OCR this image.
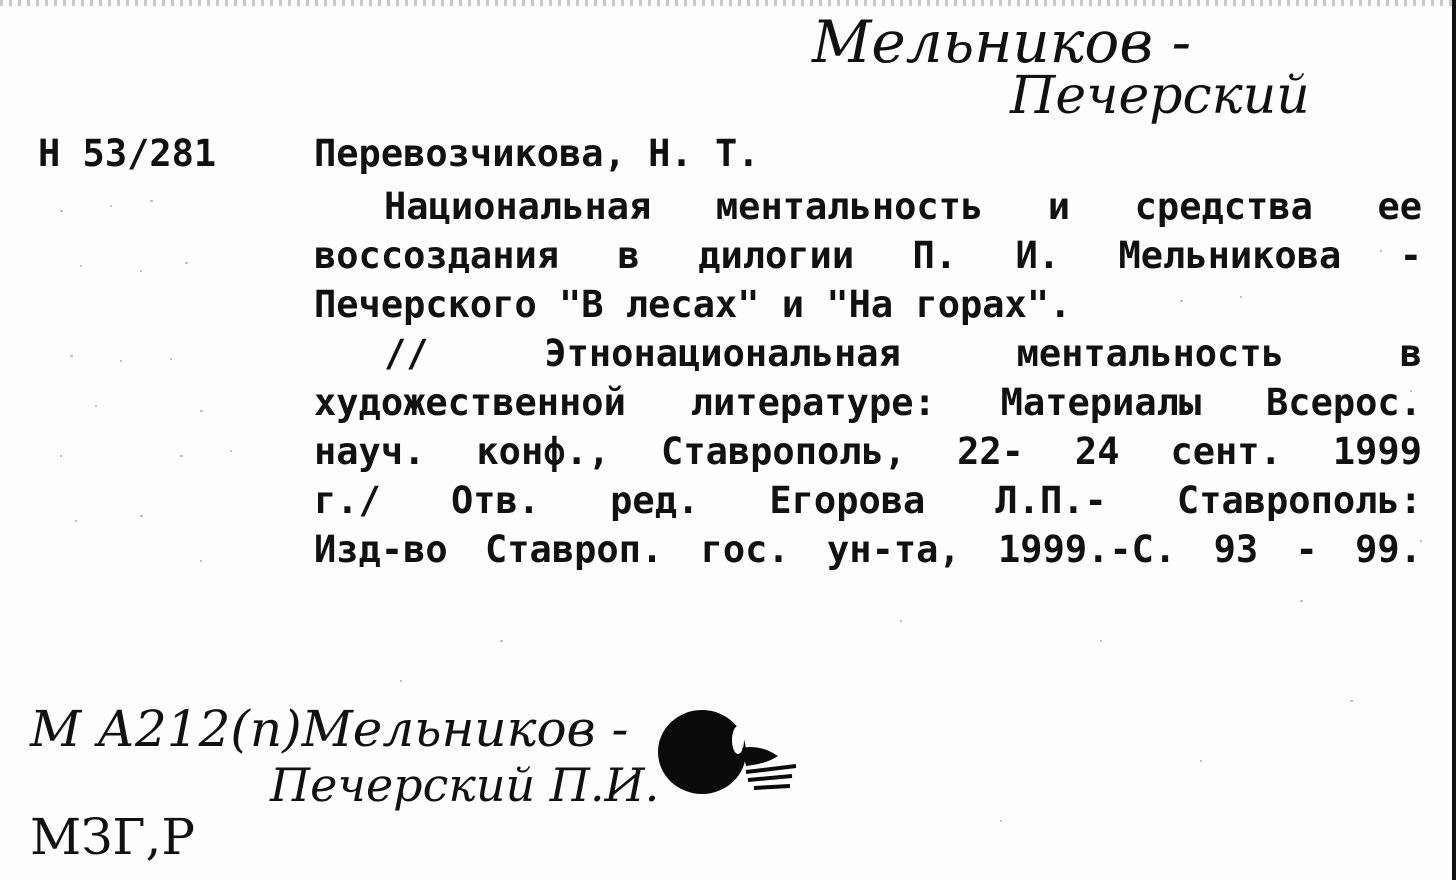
Мельников -
Печерский
Н 53/281	Перевозчикова, Н. Т.
Национальная ментальность и средства ее
воссоздания в дилогии П. И. Мельникова -
Печерского "В лесах" и "На горах".
//	Этнонациональная	ментальность	в
художественной литературе: Материалы Всерос.
науч. конф., Ставрополь, 22- 24 сент. 1999
г./ Отв. ред. Егорова Л.П.- Ставрополь:
Изд-во Ставроп. гос. ун-та, 1999.-С. 93 - 99.
М А212(п)Мельников -
Печерский П.И.
МЗГ,Р
